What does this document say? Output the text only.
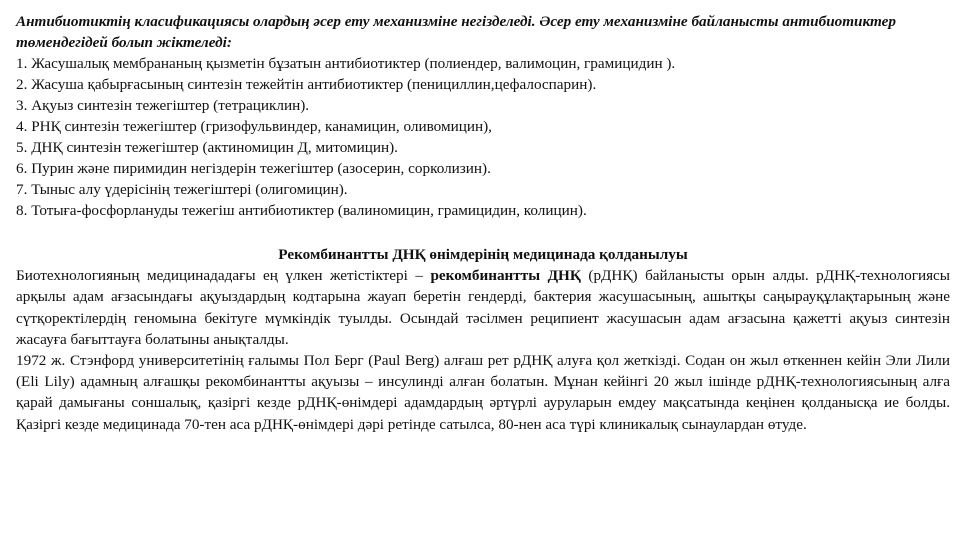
Антибиотиктің класификациясы олардың әсер ету механизміне негізделеді. Әсер ету механизміне байланысты антибиотиктер төмендегідей болып жіктеледі:

1. Жасушалық мембрананың қызметін бұзатын антибиотиктер (полиендер, валимоцин, грамицидин ).
2. Жасуша қабырғасының синтезін тежейтін антибиотиктер (пенициллин,цефалоспарин).
3. Ақуыз синтезін тежегіштер (тетрациклин).
4. РНҚ синтезін тежегіштер (гризофульвиндер, канамицин, оливомицин),
5. ДНҚ синтезін тежегіштер (актиномицин Д, митомицин).
6. Пурин және пиримидин негіздерін тежегіштер (азосерин, сорколизин).
7. Тыныс алу үдерісінің тежегіштері (олигомицин).
8. Тотыға-фосфорлануды тежегіш антибиотиктер (валиномицин, грамицидин, колицин).

Рекомбинантты ДНҚ өнімдерінің медицинада қолданылуы

Биотехнологияның медицинададағы ең үлкен жетістіктері – рекомбинантты ДНҚ (рДНҚ) байланысты орын алды. рДНҚ-технологиясы арқылы адам ағзасындағы ақуыздардың кодтарына жауап беретін гендерді, бактерия жасушасының, ашытқы саңырауқұлақтарының және сүтқоректілердің геномына бекітуге мүмкіндік туылды. Осындай тәсілмен реципиент жасушасын адам ағзасына қажетті ақуыз синтезін жасауға бағыттауға болатыны анықталды.

1972 ж. Стэнфорд университетінің ғалымы Пол Берг (Paul Berg) алғаш рет рДНҚ алуға қол жеткізді. Содан он жыл өткеннен кейін Эли Лили (Eli Lily) адамның алғашқы рекомбинантты ақуызы – инсулинді алған болатын. Мұнан кейінгі 20 жыл ішінде рДНҚ-технологиясының алға қарай дамығаны соншалық, қазіргі кезде рДНҚ-өнімдері адамдардың әртүрлі ауруларын емдеу мақсатында кеңінен қолданысқа ие болды. Қазіргі кезде медицинада 70-тен аса рДНҚ-өнімдері дәрі ретінде сатылса, 80-нен аса түрі клиникалық сынаулардан өтуде.
